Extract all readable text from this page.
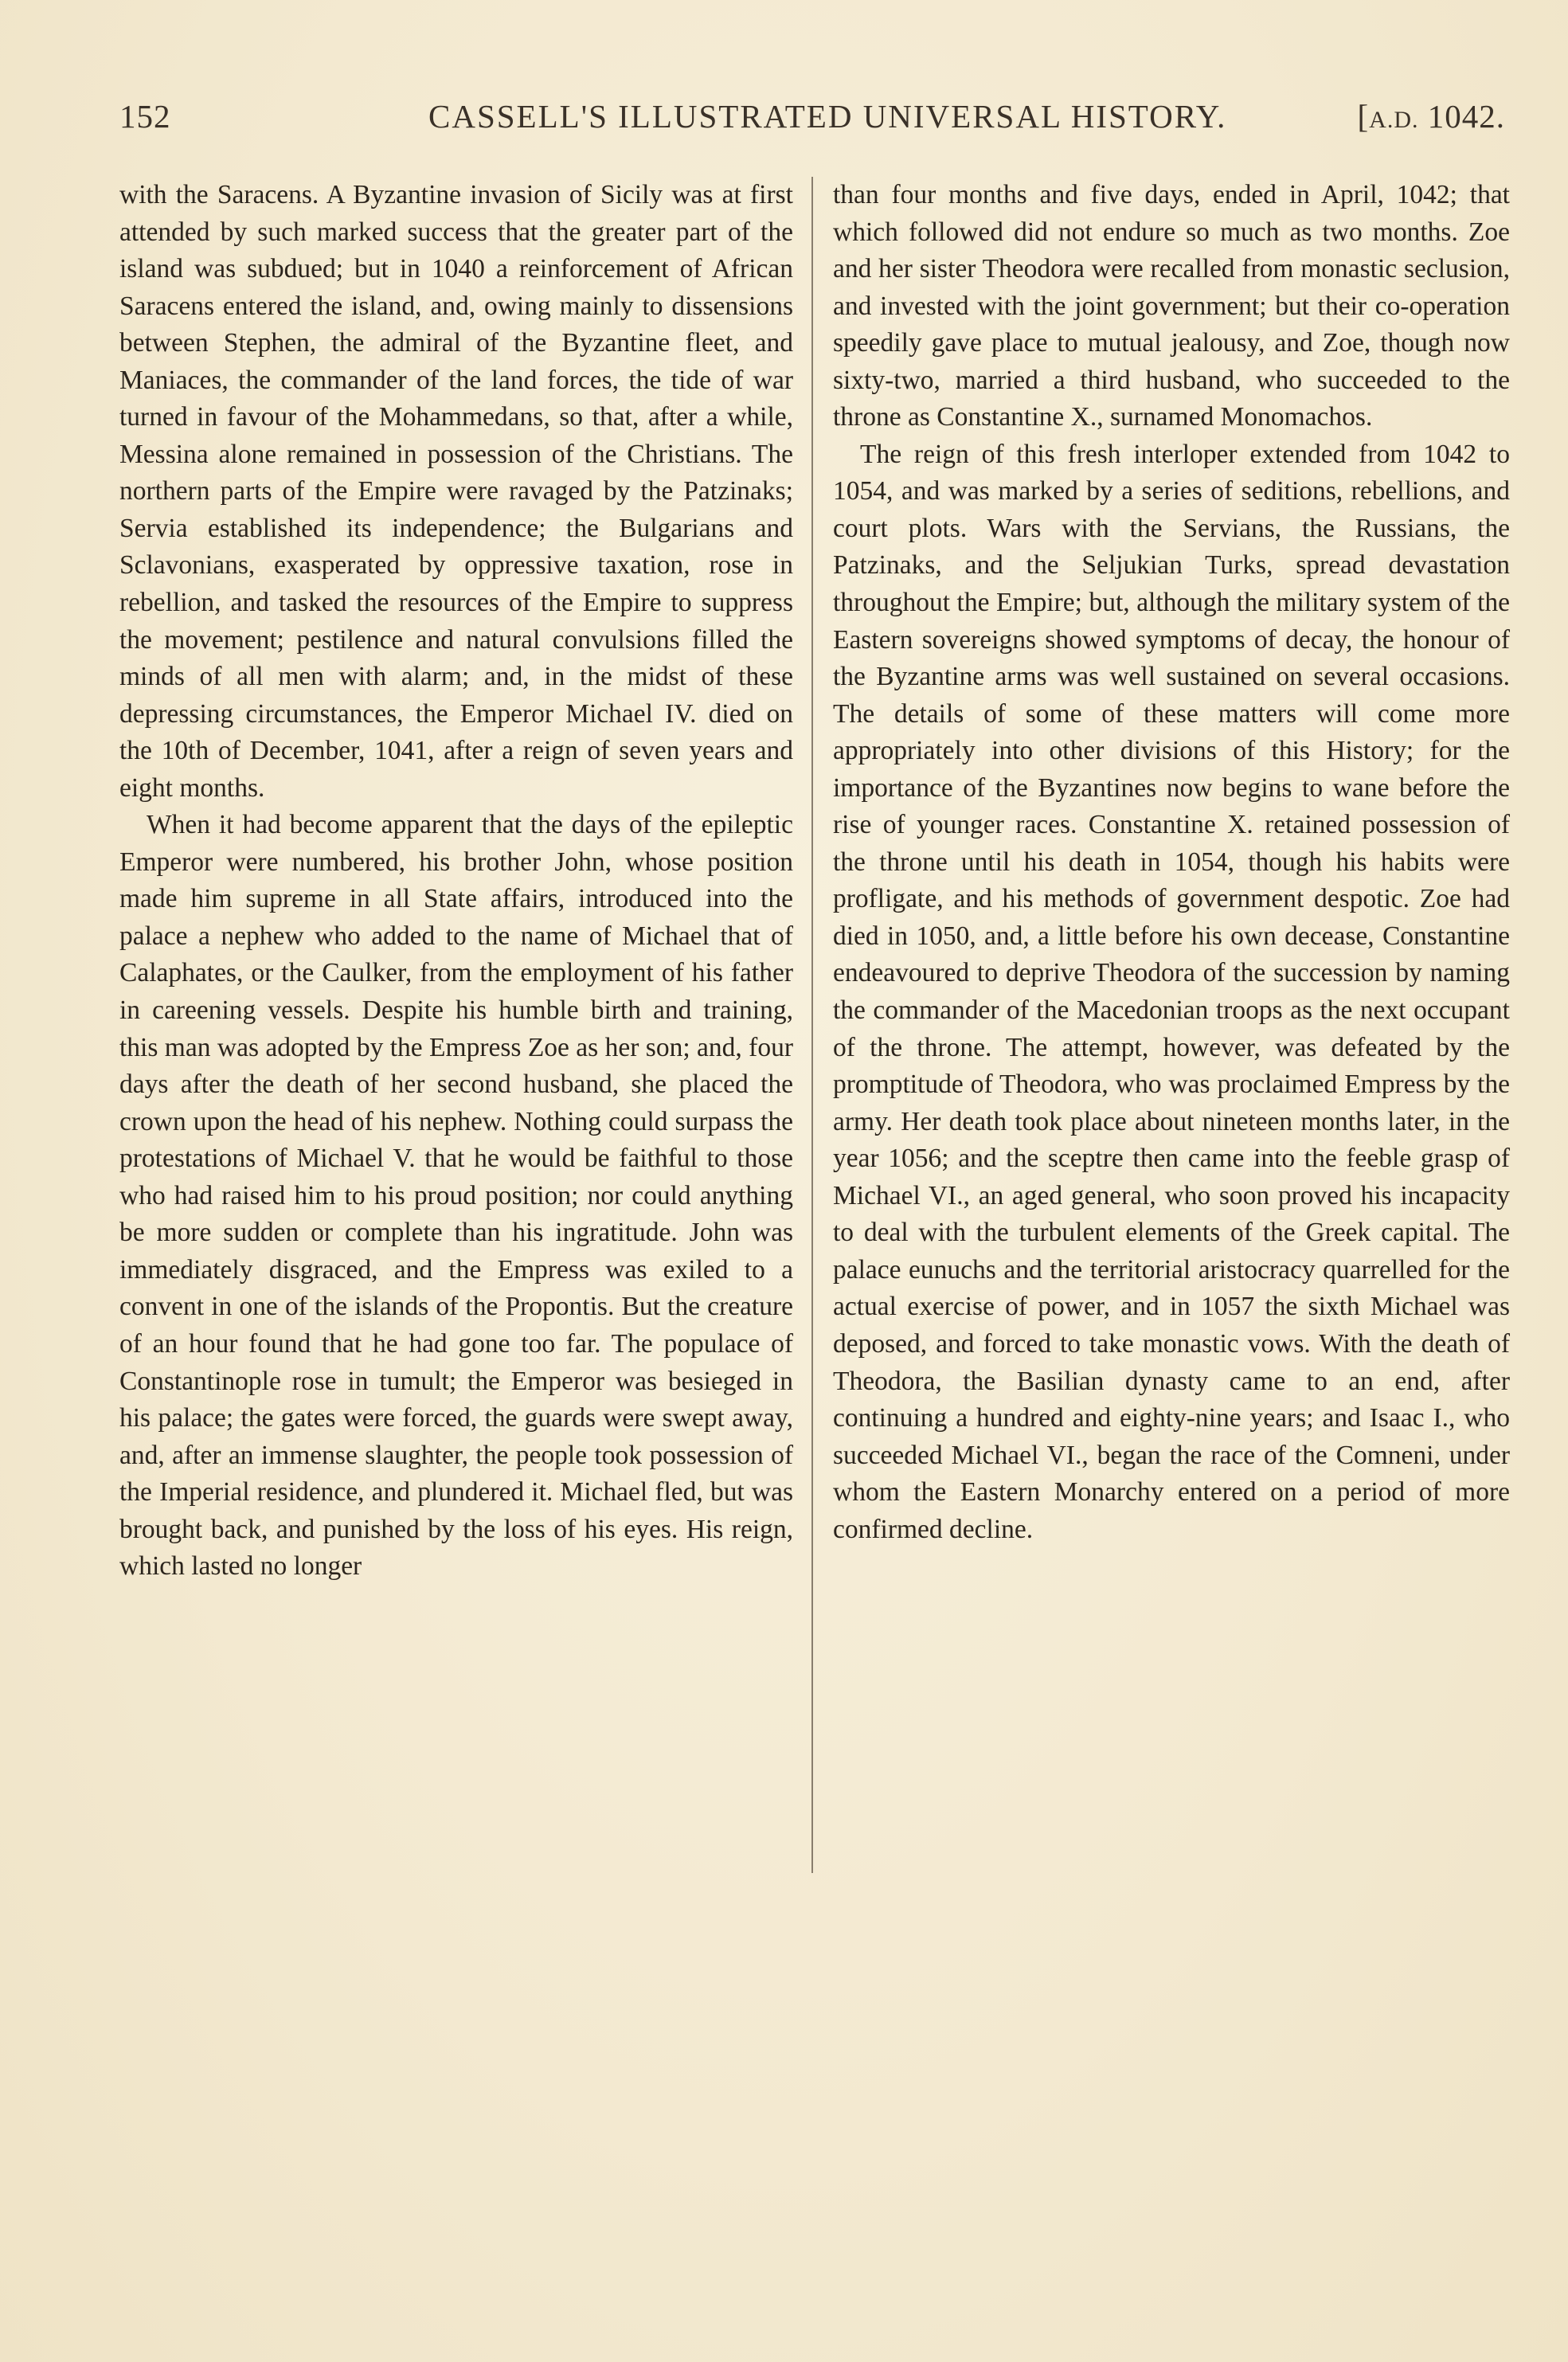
152	CASSELL'S ILLUSTRATED UNIVERSAL HISTORY.	[A.D. 1042.

with the Saracens. A Byzantine invasion of Sicily was at first attended by such marked success that the greater part of the island was subdued; but in 1040 a reinforcement of African Saracens entered the island, and, owing mainly to dissensions between Stephen, the admiral of the Byzantine fleet, and Maniaces, the commander of the land forces, the tide of war turned in favour of the Mohammedans, so that, after a while, Messina alone remained in possession of the Christians. The northern parts of the Empire were ravaged by the Patzinaks; Servia established its independence; the Bulgarians and Sclavonians, exasperated by oppressive taxation, rose in rebellion, and tasked the resources of the Empire to suppress the movement; pestilence and natural convulsions filled the minds of all men with alarm; and, in the midst of these depressing circumstances, the Emperor Michael IV. died on the 10th of December, 1041, after a reign of seven years and eight months.

When it had become apparent that the days of the epileptic Emperor were numbered, his brother John, whose position made him supreme in all State affairs, introduced into the palace a nephew who added to the name of Michael that of Calaphates, or the Caulker, from the employment of his father in careening vessels. Despite his humble birth and training, this man was adopted by the Empress Zoe as her son; and, four days after the death of her second husband, she placed the crown upon the head of his nephew. Nothing could surpass the protestations of Michael V. that he would be faithful to those who had raised him to his proud position; nor could anything be more sudden or complete than his ingratitude. John was immediately disgraced, and the Empress was exiled to a convent in one of the islands of the Propontis. But the creature of an hour found that he had gone too far. The populace of Constantinople rose in tumult; the Emperor was besieged in his palace; the gates were forced, the guards were swept away, and, after an immense slaughter, the people took possession of the Imperial residence, and plundered it. Michael fled, but was brought back, and punished by the loss of his eyes. His reign, which lasted no longer

than four months and five days, ended in April, 1042; that which followed did not endure so much as two months. Zoe and her sister Theodora were recalled from monastic seclusion, and invested with the joint government; but their co-operation speedily gave place to mutual jealousy, and Zoe, though now sixty-two, married a third husband, who succeeded to the throne as Constantine X., surnamed Monomachos.

The reign of this fresh interloper extended from 1042 to 1054, and was marked by a series of seditions, rebellions, and court plots. Wars with the Servians, the Russians, the Patzinaks, and the Seljukian Turks, spread devastation throughout the Empire; but, although the military system of the Eastern sovereigns showed symptoms of decay, the honour of the Byzantine arms was well sustained on several occasions. The details of some of these matters will come more appropriately into other divisions of this History; for the importance of the Byzantines now begins to wane before the rise of younger races. Constantine X. retained possession of the throne until his death in 1054, though his habits were profligate, and his methods of government despotic. Zoe had died in 1050, and, a little before his own decease, Constantine endeavoured to deprive Theodora of the succession by naming the commander of the Macedonian troops as the next occupant of the throne. The attempt, however, was defeated by the promptitude of Theodora, who was proclaimed Empress by the army. Her death took place about nineteen months later, in the year 1056; and the sceptre then came into the feeble grasp of Michael VI., an aged general, who soon proved his incapacity to deal with the turbulent elements of the Greek capital. The palace eunuchs and the territorial aristocracy quarrelled for the actual exercise of power, and in 1057 the sixth Michael was deposed, and forced to take monastic vows. With the death of Theodora, the Basilian dynasty came to an end, after continuing a hundred and eighty-nine years; and Isaac I., who succeeded Michael VI., began the race of the Comneni, under whom the Eastern Monarchy entered on a period of more confirmed decline.
